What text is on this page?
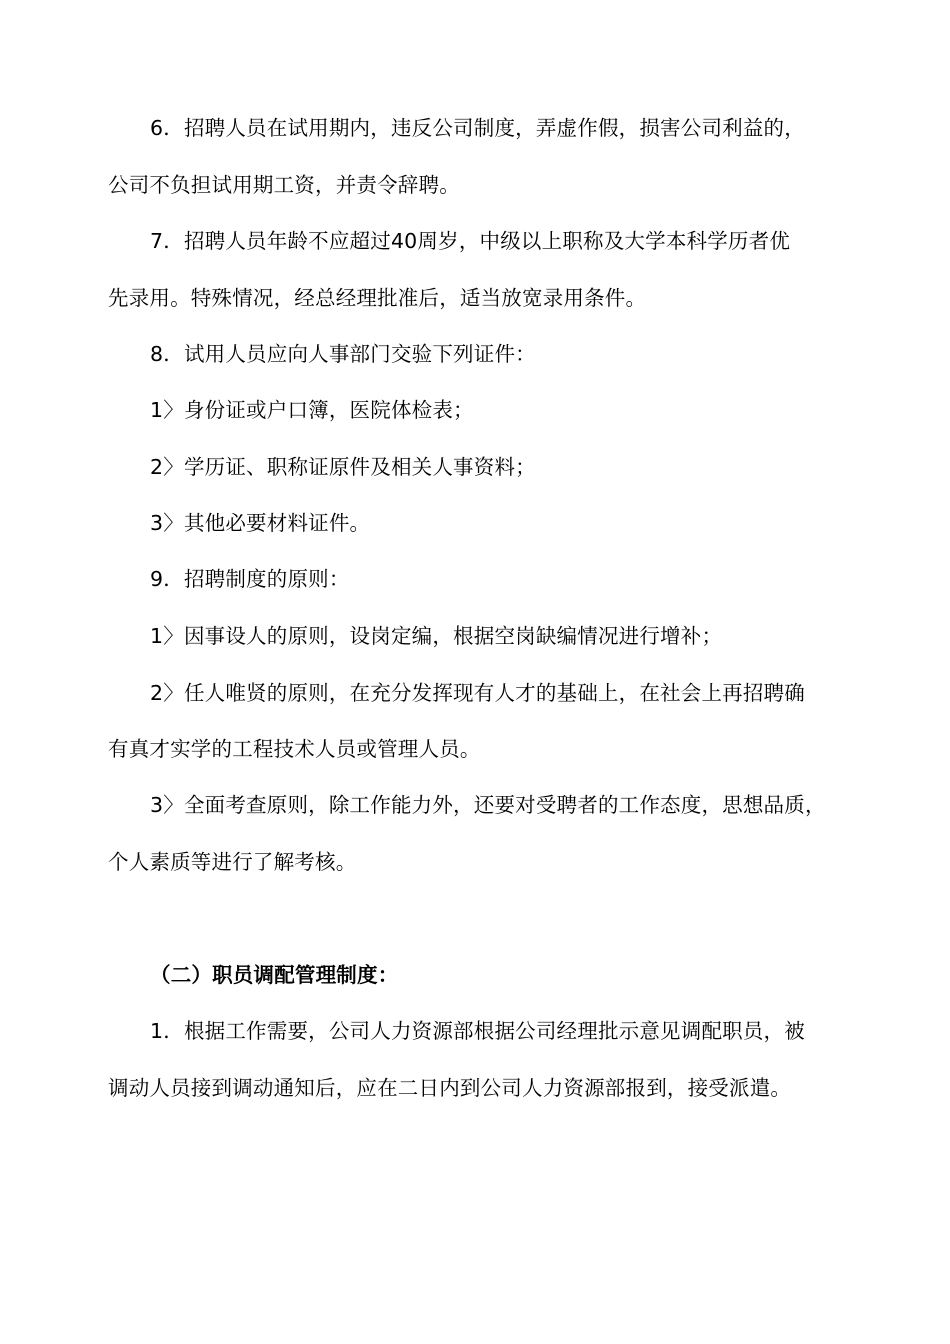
6．招聘人员在试用期内，违反公司制度，弄虚作假，损害公司利益的，
公司不负担试用期工资，并责令辞聘。
7．招聘人员年龄不应超过40周岁，中级以上职称及大学本科学历者优
先录用。特殊情况，经总经理批准后，适当放宽录用条件。
8．试用人员应向人事部门交验下列证件：
1〉身份证或户口簿，医院体检表；
2〉学历证、职称证原件及相关人事资料；
3〉其他必要材料证件。
9．招聘制度的原则：
1〉因事设人的原则，设岗定编，根据空岗缺编情况进行增补；
2〉任人唯贤的原则，在充分发挥现有人才的基础上，在社会上再招聘确
有真才实学的工程技术人员或管理人员。
3〉全面考查原则，除工作能力外，还要对受聘者的工作态度，思想品质，
个人素质等进行了解考核。
（二）职员调配管理制度：
1．根据工作需要，公司人力资源部根据公司经理批示意见调配职员，被
调动人员接到调动通知后，应在二日内到公司人力资源部报到，接受派遣。
